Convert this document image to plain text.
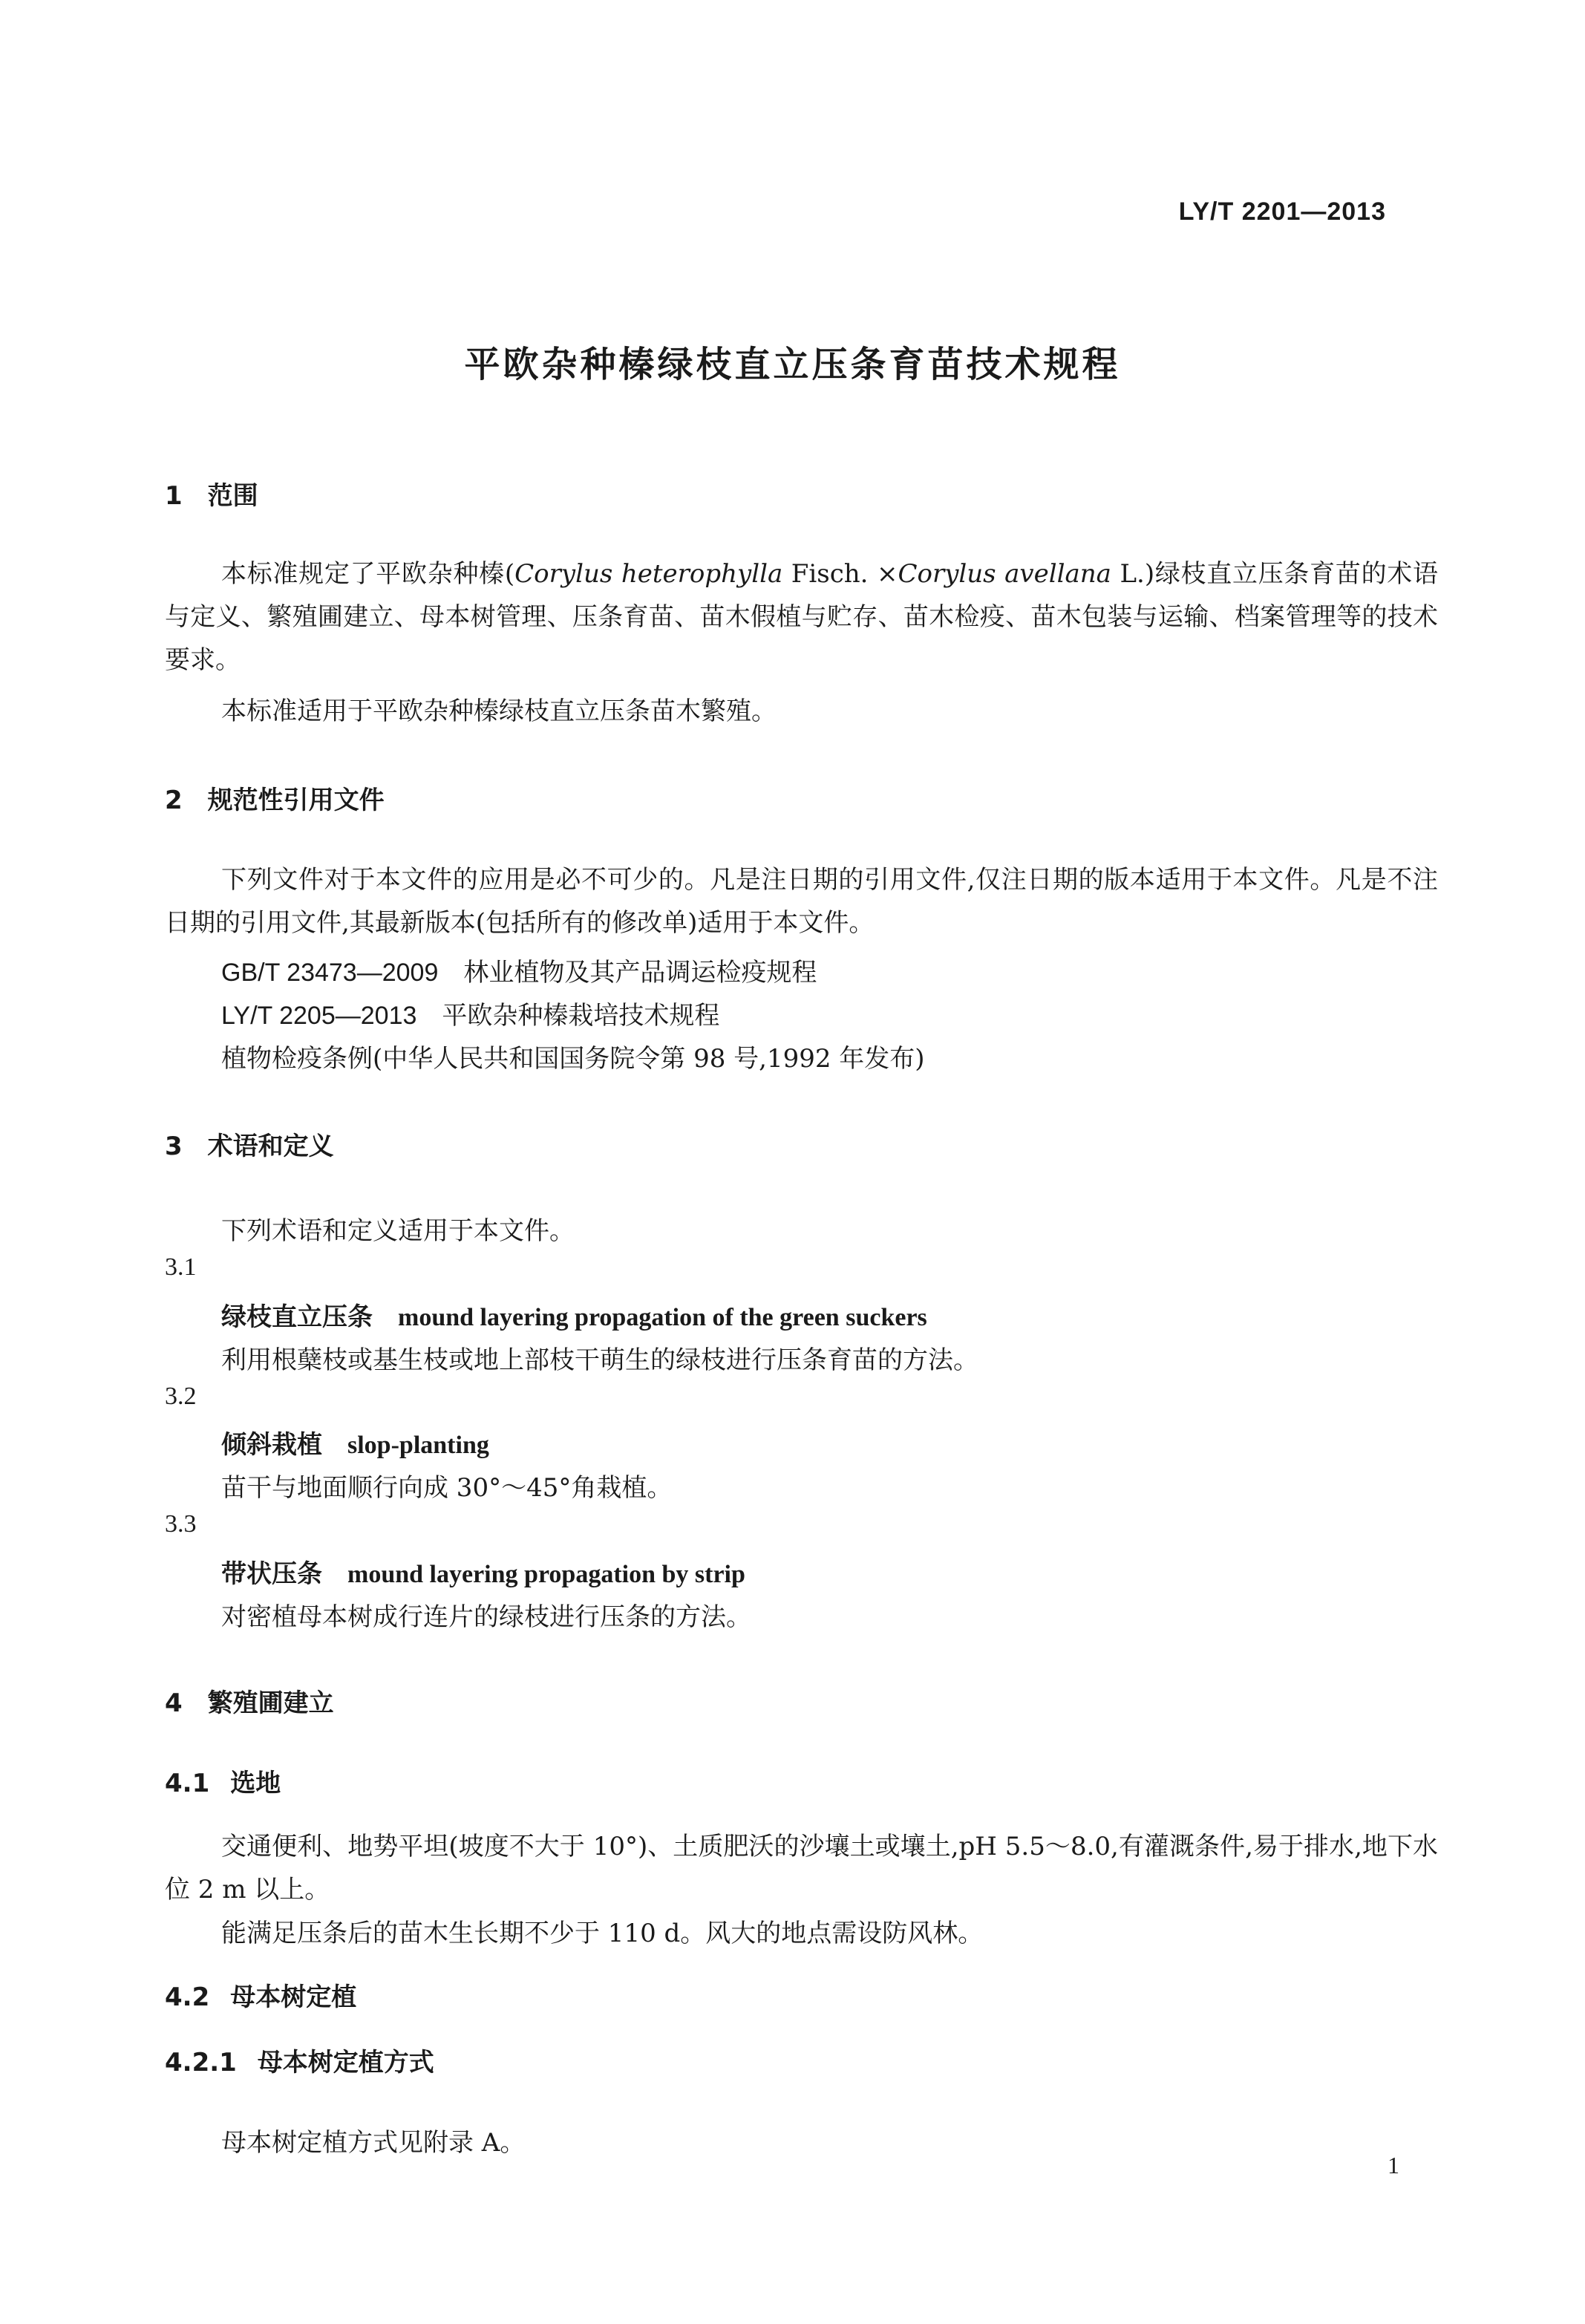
LY/T 2201—2013
平欧杂种榛绿枝直立压条育苗技术规程
1 范围
本标准规定了平欧杂种榛(Corylus heterophylla Fisch. ×Corylus avellana L.)绿枝直立压条育苗的术语与定义、繁殖圃建立、母本树管理、压条育苗、苗木假植与贮存、苗木检疫、苗木包装与运输、档案管理等的技术要求。
本标准适用于平欧杂种榛绿枝直立压条苗木繁殖。
2 规范性引用文件
下列文件对于本文件的应用是必不可少的。凡是注日期的引用文件,仅注日期的版本适用于本文件。凡是不注日期的引用文件,其最新版本(包括所有的修改单)适用于本文件。
GB/T 23473—2009 林业植物及其产品调运检疫规程
LY/T 2205—2013 平欧杂种榛栽培技术规程
植物检疫条例(中华人民共和国国务院令第 98 号,1992 年发布)
3 术语和定义
下列术语和定义适用于本文件。
3.1
绿枝直立压条 mound layering propagation of the green suckers
利用根蘖枝或基生枝或地上部枝干萌生的绿枝进行压条育苗的方法。
3.2
倾斜栽植 slop-planting
苗干与地面顺行向成 30°～45°角栽植。
3.3
带状压条 mound layering propagation by strip
对密植母本树成行连片的绿枝进行压条的方法。
4 繁殖圃建立
4.1 选地
交通便利、地势平坦(坡度不大于 10°)、土质肥沃的沙壤土或壤土,pH 5.5～8.0,有灌溉条件,易于排水,地下水位 2 m 以上。
能满足压条后的苗木生长期不少于 110 d。风大的地点需设防风林。
4.2 母本树定植
4.2.1 母本树定植方式
母本树定植方式见附录 A。
1
